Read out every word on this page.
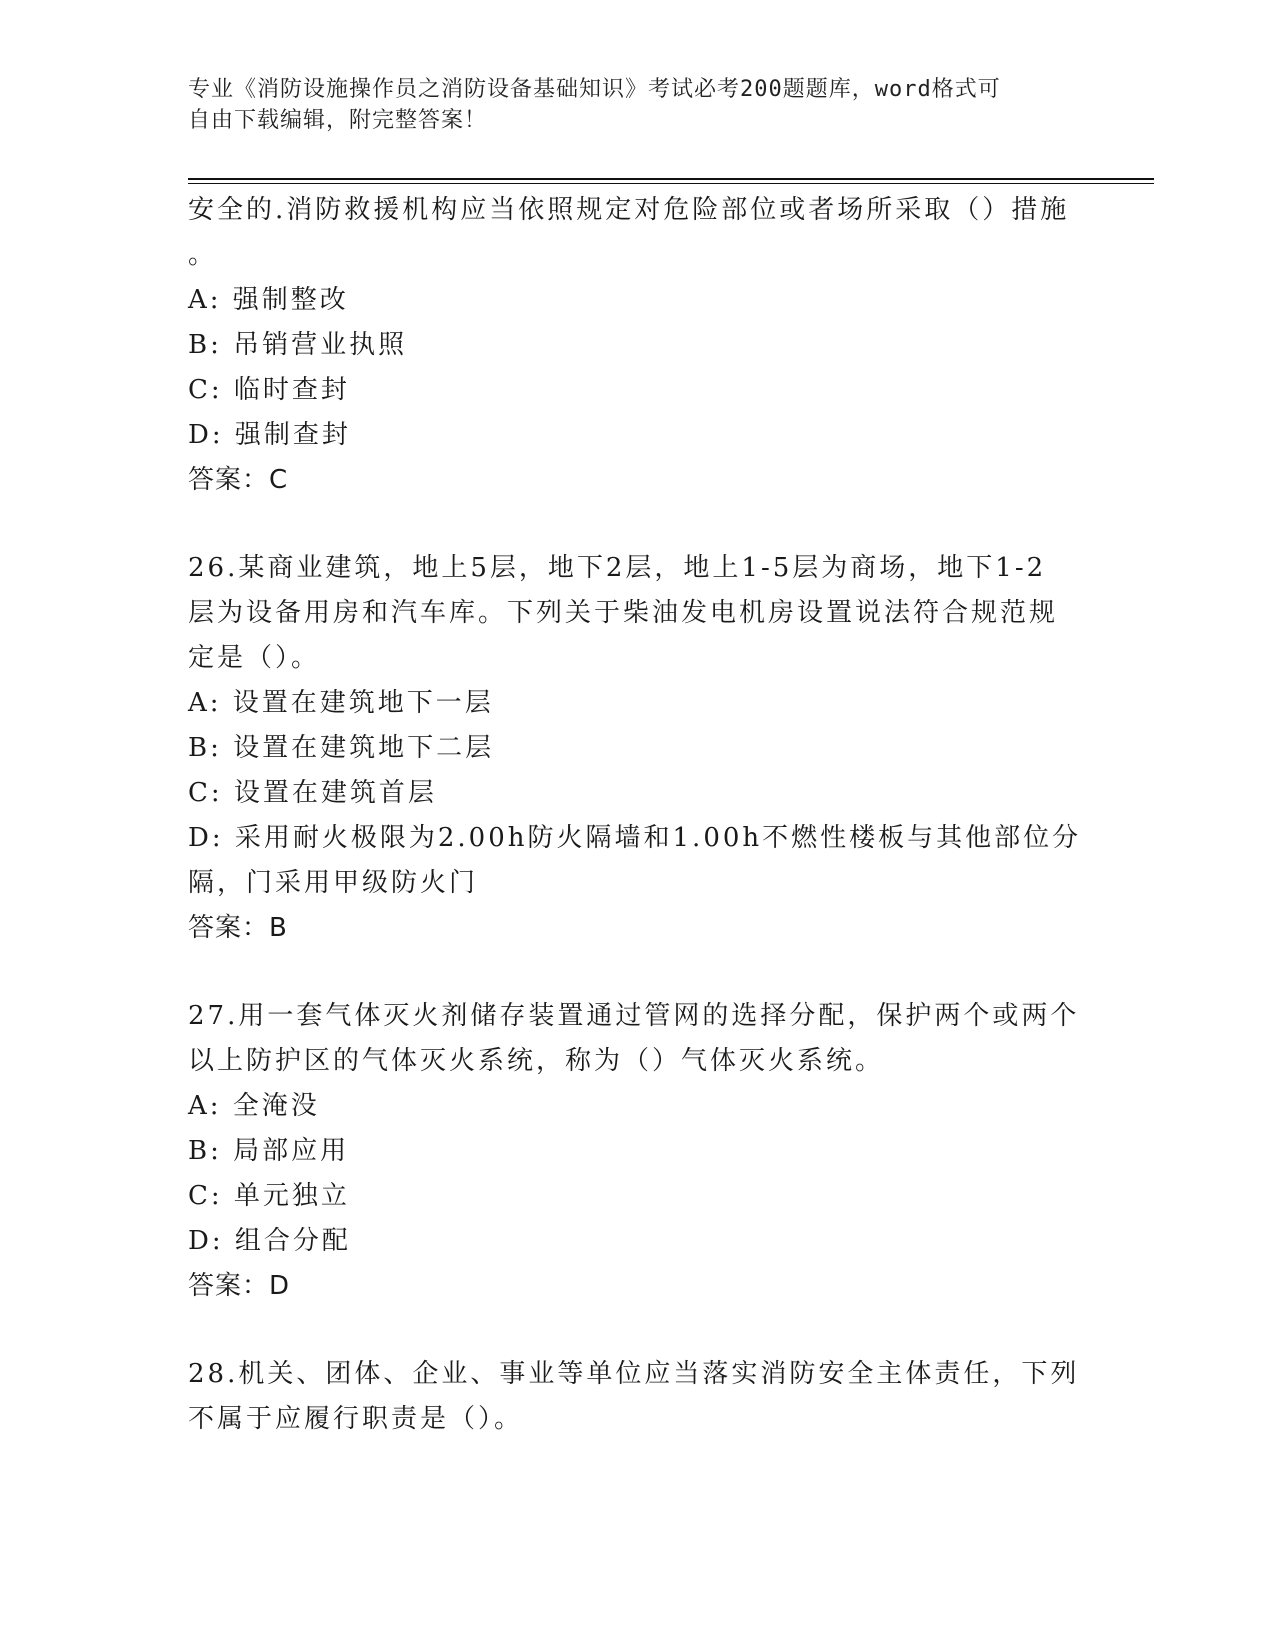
专业《消防设施操作员之消防设备基础知识》考试必考200题题库，word格式可
自由下载编辑，附完整答案！
安全的.消防救援机构应当依照规定对危险部位或者场所采取（）措施
。
A: 强制整改
B: 吊销营业执照
C: 临时查封
D: 强制查封
答案：C
26.某商业建筑，地上5层，地下2层，地上1-5层为商场，地下1-2
层为设备用房和汽车库。下列关于柴油发电机房设置说法符合规范规
定是（）。
A: 设置在建筑地下一层
B: 设置在建筑地下二层
C: 设置在建筑首层
D: 采用耐火极限为2.00h防火隔墙和1.00h不燃性楼板与其他部位分
隔，门采用甲级防火门
答案：B
27.用一套气体灭火剂储存装置通过管网的选择分配，保护两个或两个
以上防护区的气体灭火系统，称为（）气体灭火系统。
A: 全淹没
B: 局部应用
C: 单元独立
D: 组合分配
答案：D
28.机关、团体、企业、事业等单位应当落实消防安全主体责任，下列
不属于应履行职责是（）。
